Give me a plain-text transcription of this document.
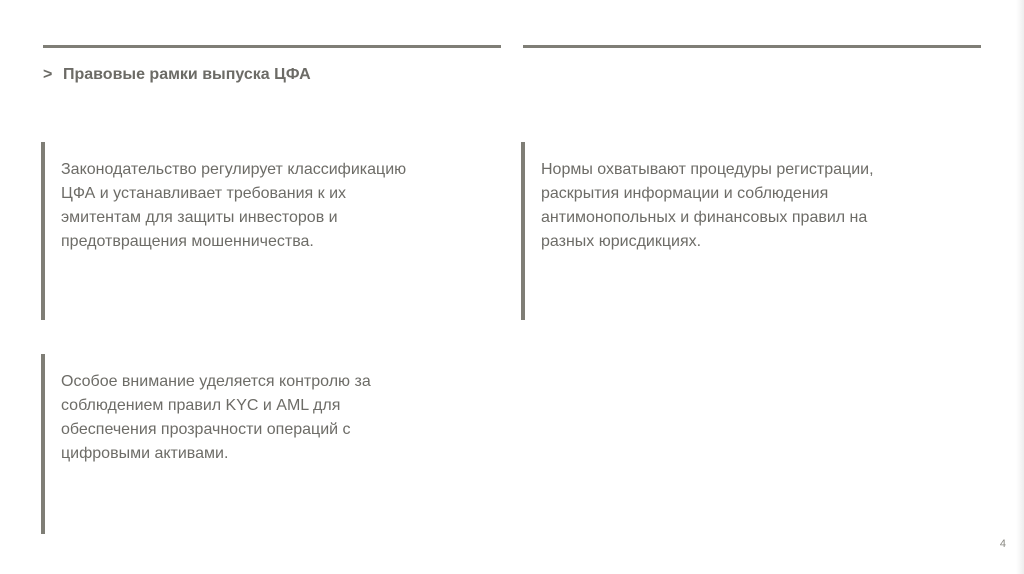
> Правовые рамки выпуска ЦФА
Законодательство регулирует классификацию
ЦФА и устанавливает требования к их
эмитентам для защиты инвесторов и
предотвращения мошенничества.
Нормы охватывают процедуры регистрации,
раскрытия информации и соблюдения
антимонопольных и финансовых правил на
разных юрисдикциях.
Особое внимание уделяется контролю за
соблюдением правил KYC и AML для
обеспечения прозрачности операций с
цифровыми активами.
4
